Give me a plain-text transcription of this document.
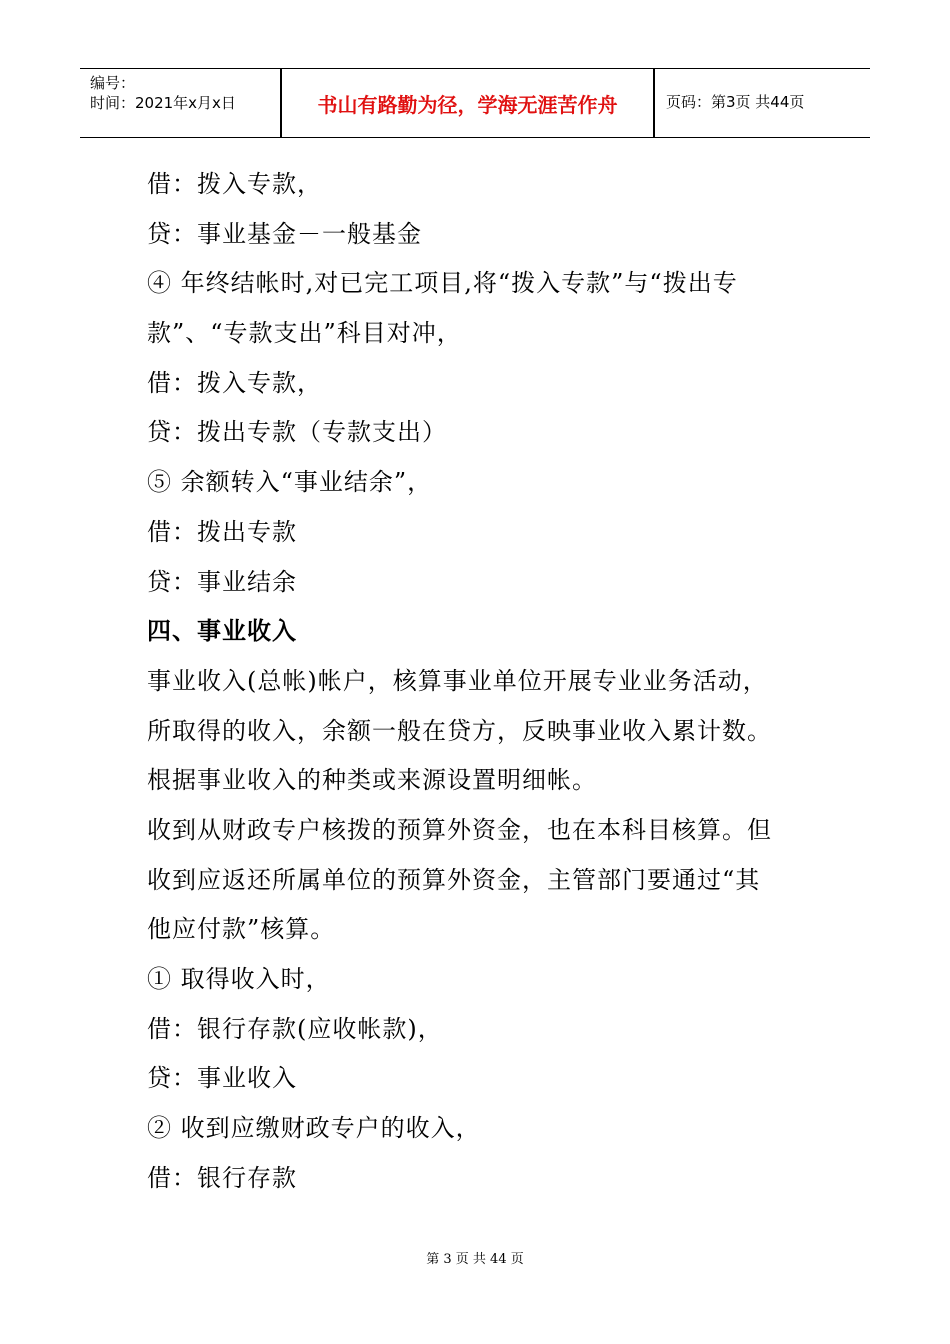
编号：
时间：2021年x月x日	书山有路勤为径，学海无涯苦作舟	页码：第3页 共44页
借：拨入专款，
贷：事业基金－一般基金
④ 年终结帐时,对已完工项目,将“拨入专款”与“拨出专
款”、“专款支出”科目对冲，
借：拨入专款，
贷：拨出专款（专款支出）
⑤ 余额转入“事业结余”，
借：拨出专款
贷：事业结余
四、事业收入
事业收入(总帐)帐户，核算事业单位开展专业业务活动，
所取得的收入，余额一般在贷方，反映事业收入累计数。
根据事业收入的种类或来源设置明细帐。
收到从财政专户核拨的预算外资金，也在本科目核算。但
收到应返还所属单位的预算外资金，主管部门要通过“其
他应付款”核算。
① 取得收入时，
借：银行存款(应收帐款)，
贷：事业收入
② 收到应缴财政专户的收入，
借：银行存款
第 3 页 共 44 页
